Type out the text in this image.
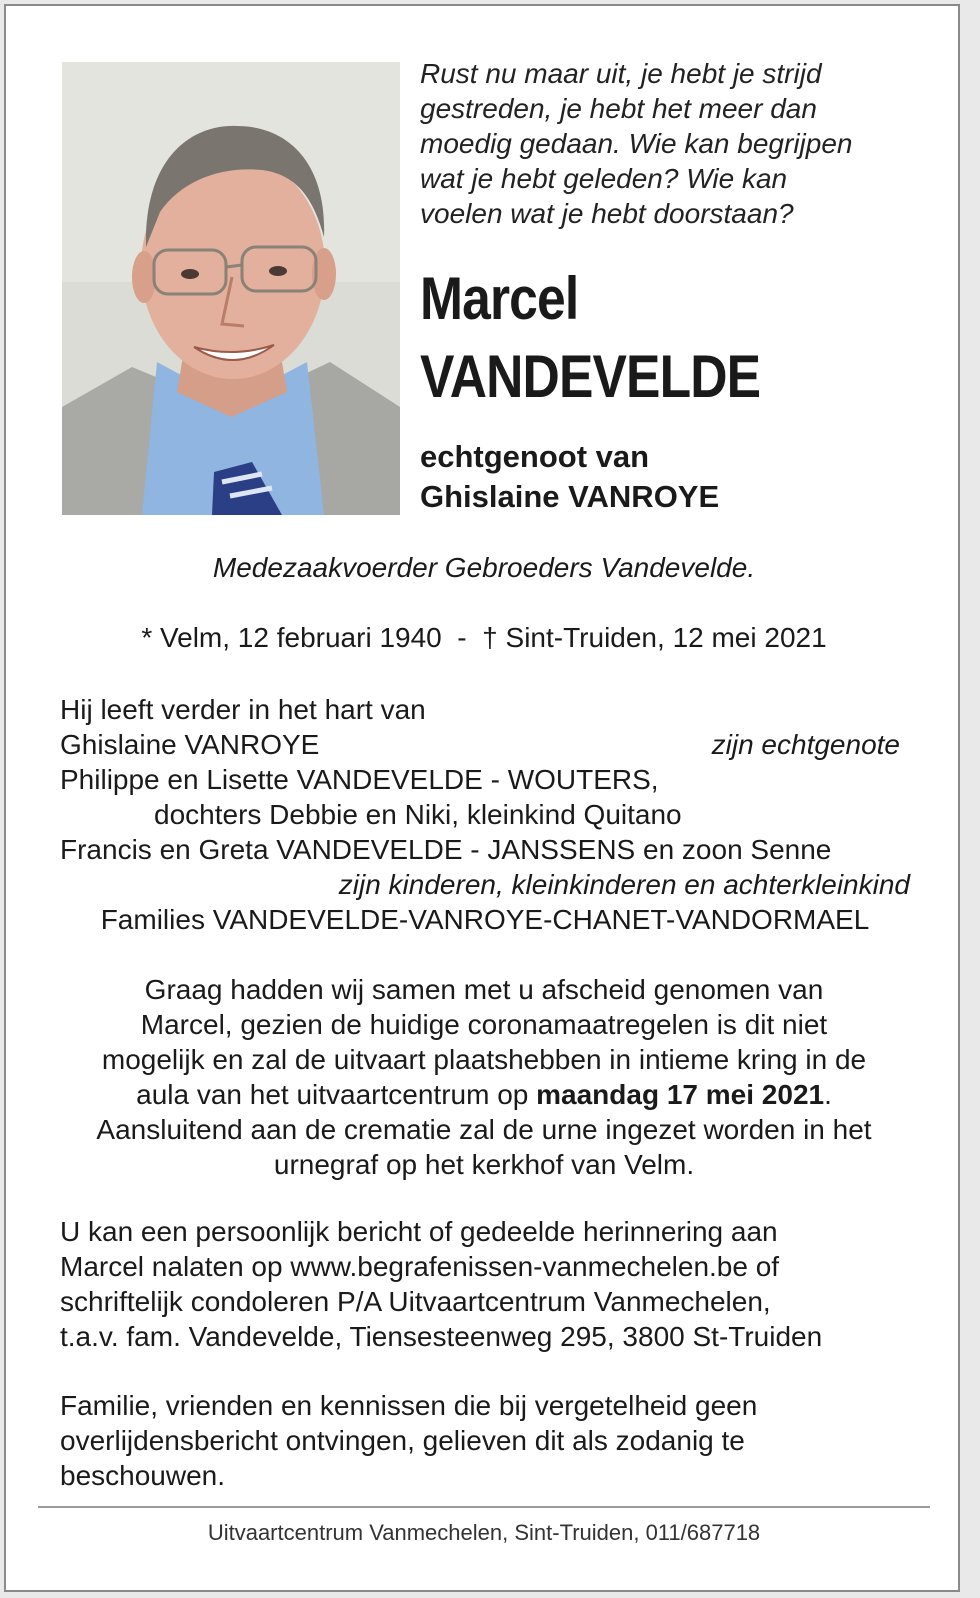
Rust nu maar uit, je hebt je strijd
gestreden, je hebt het meer dan
moedig gedaan. Wie kan begrijpen
wat je hebt geleden? Wie kan
voelen wat je hebt doorstaan?
Marcel
VANDEVELDE
echtgenoot van
Ghislaine VANROYE
Medezaakvoerder Gebroeders Vandevelde.
* Velm, 12 februari 1940  -  † Sint-Truiden, 12 mei 2021
Hij leeft verder in het hart van
Ghislaine VANROYE	zijn echtgenote
Philippe en Lisette VANDEVELDE - WOUTERS,
dochters Debbie en Niki, kleinkind Quitano
Francis en Greta VANDEVELDE - JANSSENS en zoon Senne
zijn kinderen, kleinkinderen en achterkleinkind
Families VANDEVELDE-VANROYE-CHANET-VANDORMAEL
Graag hadden wij samen met u afscheid genomen van
Marcel, gezien de huidige coronamaatregelen is dit niet
mogelijk en zal de uitvaart plaatshebben in intieme kring in de
aula van het uitvaartcentrum op maandag 17 mei 2021.
Aansluitend aan de crematie zal de urne ingezet worden in het
urnegraf op het kerkhof van Velm.
U kan een persoonlijk bericht of gedeelde herinnering aan
Marcel nalaten op www.begrafenissen-vanmechelen.be of
schriftelijk condoleren P/A Uitvaartcentrum Vanmechelen,
t.a.v. fam. Vandevelde, Tiensesteenweg 295, 3800 St-Truiden
Familie, vrienden en kennissen die bij vergetelheid geen
overlijdensbericht ontvingen, gelieven dit als zodanig te
beschouwen.
Uitvaartcentrum Vanmechelen, Sint-Truiden, 011/687718
